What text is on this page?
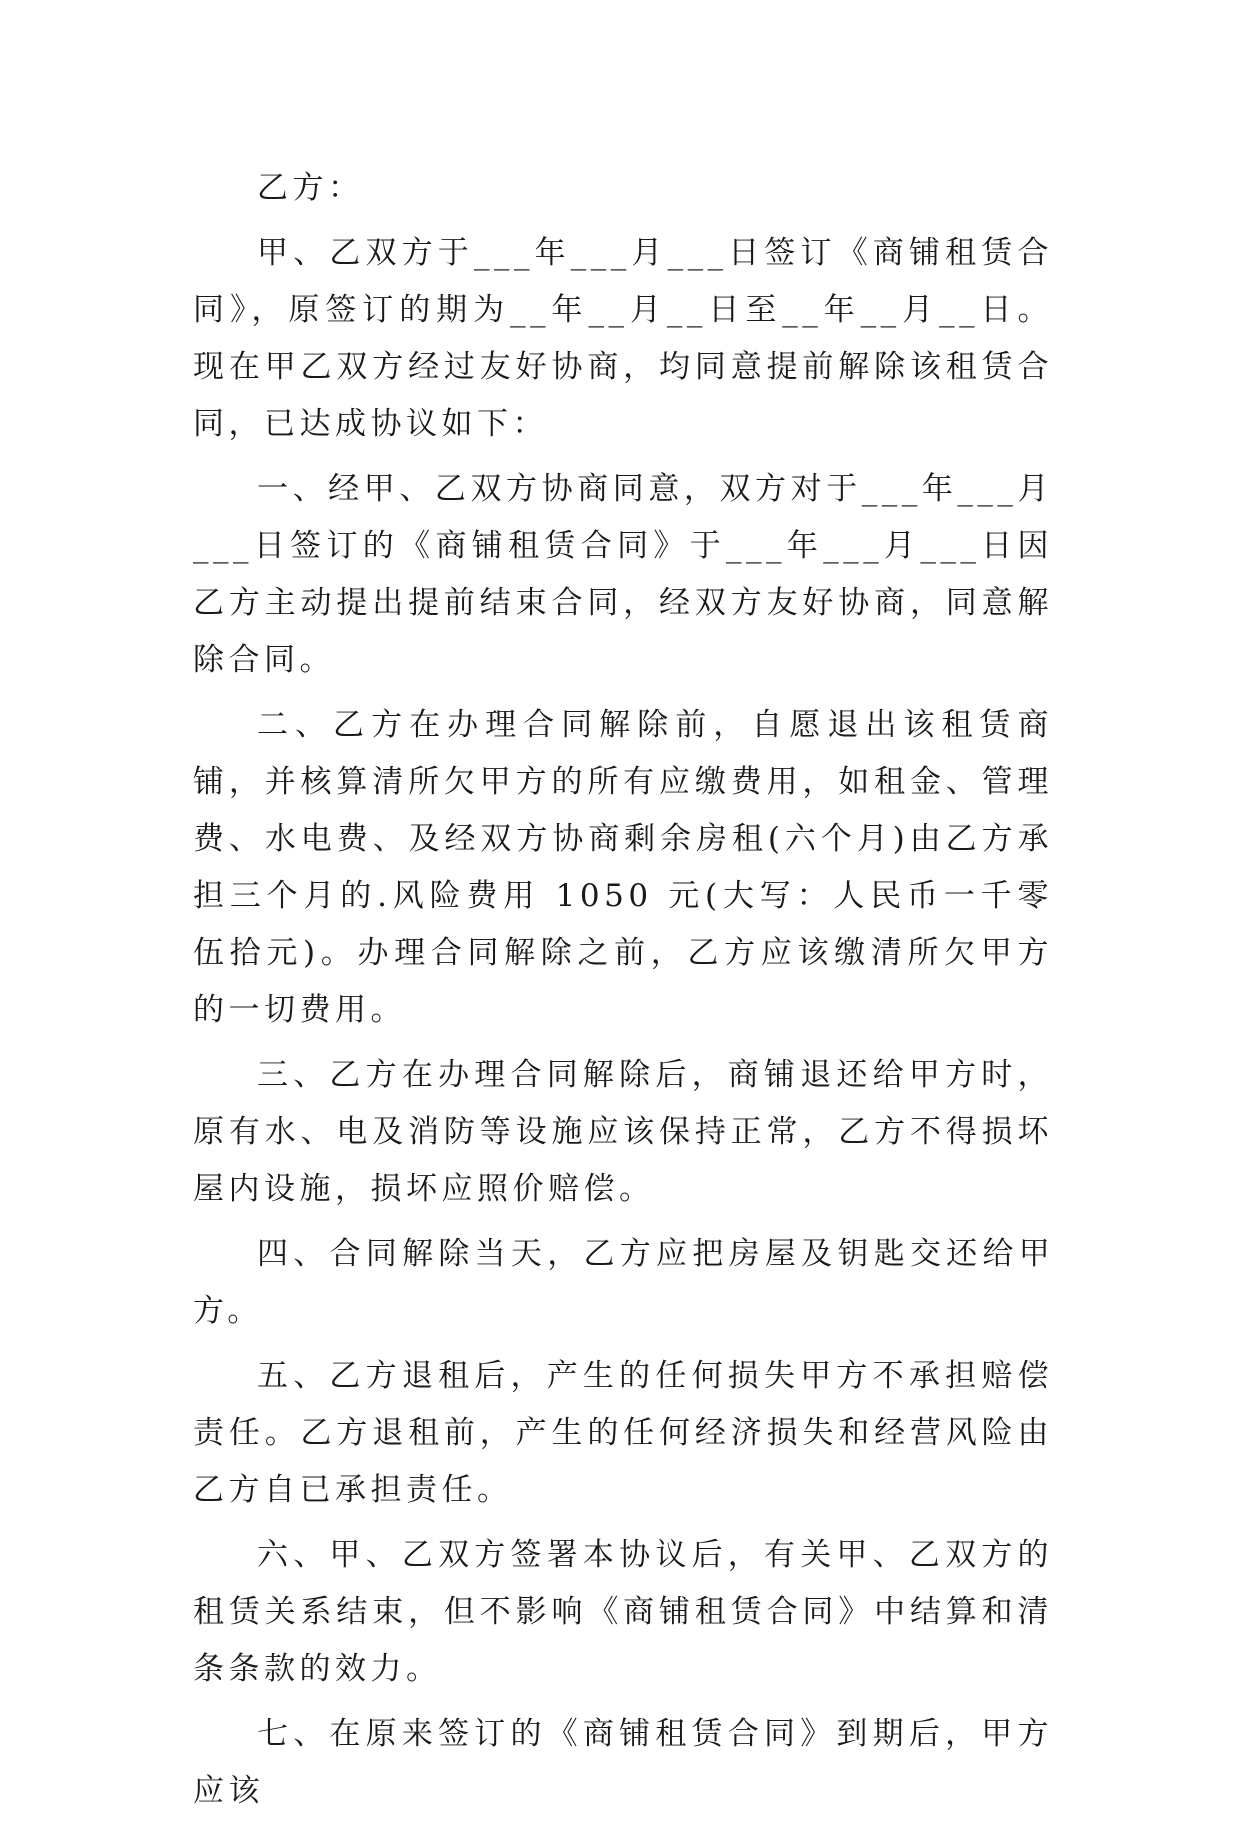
乙方：

甲、乙双方于___年___月___日签订《商铺租赁合同》，原签订的期为__年__月__日至__年__月__日。现在甲乙双方经过友好协商，均同意提前解除该租赁合同，已达成协议如下：

一、经甲、乙双方协商同意，双方对于___年___月___日签订的《商铺租赁合同》于___年___月___日因乙方主动提出提前结束合同，经双方友好协商，同意解除合同。

二、乙方在办理合同解除前，自愿退出该租赁商铺，并核算清所欠甲方的所有应缴费用，如租金、管理费、水电费、及经双方协商剩余房租(六个月)由乙方承担三个月的.风险费用 1050 元(大写：人民币一千零伍拾元)。办理合同解除之前，乙方应该缴清所欠甲方的一切费用。

三、乙方在办理合同解除后，商铺退还给甲方时，原有水、电及消防等设施应该保持正常，乙方不得损坏屋内设施，损坏应照价赔偿。

四、合同解除当天，乙方应把房屋及钥匙交还给甲方。

五、乙方退租后，产生的任何损失甲方不承担赔偿责任。乙方退租前，产生的任何经济损失和经营风险由乙方自已承担责任。

六、甲、乙双方签署本协议后，有关甲、乙双方的租赁关系结束，但不影响《商铺租赁合同》中结算和清条条款的效力。

七、在原来签订的《商铺租赁合同》到期后，甲方应该
